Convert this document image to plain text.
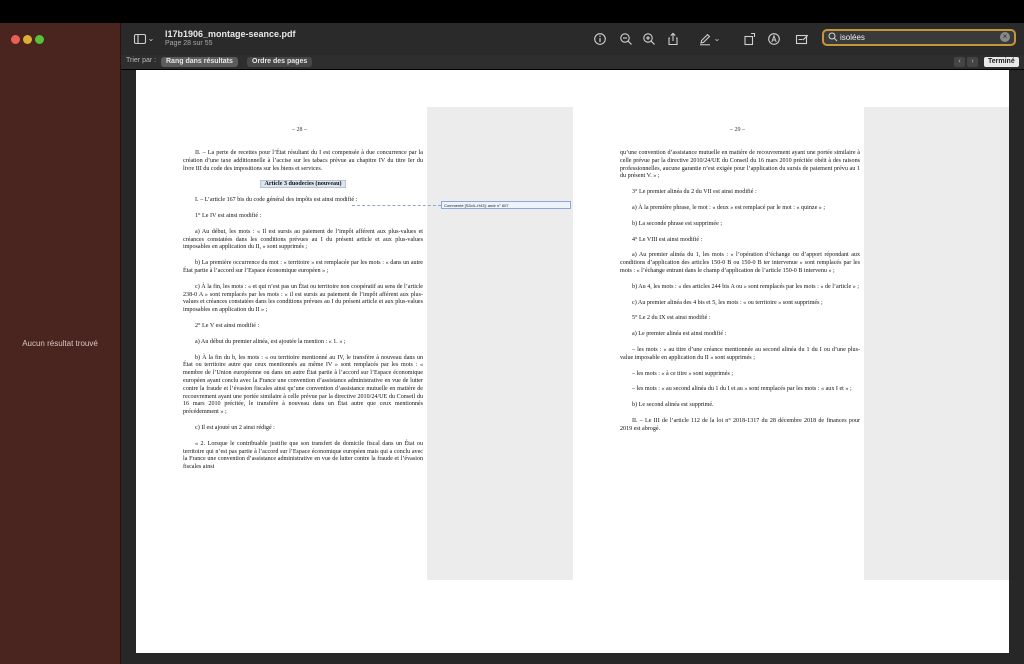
Aucun résultat trouvé
⌄ l17b1906_montage-seance.pdf
Page 28 sur 55
⌄
isolées	×
Trier par :	Rang dans résultats	Ordre des pages	‹	›	Terminé
– 28 –	– 29 –
Commenté [SDdL-H43]: andr n° 607

II. – La perte de recettes pour l’État résultant du I est compensée à due concurrence par la création d’une taxe additionnelle à l’accise sur les tabacs prévue au chapitre IV du titre Ier du livre III du code des impositions sur les biens et services.

Article 3 duodecies (nouveau)

I. – L’article 167 bis du code général des impôts est ainsi modifié :

1° Le IV est ainsi modifié :

a) Au début, les mots : « Il est sursis au paiement de l’impôt afférent aux plus-values et créances constatées dans les conditions prévues au I du présent article et aux plus-values imposables en application du II, » sont supprimés ;

b) La première occurrence du mot : « territoire » est remplacée par les mots : « dans un autre État partie à l’accord sur l’Espace économique européen » ;

c) À la fin, les mots : « et qui n’est pas un État ou territoire non coopératif au sens de l’article 238-0 A » sont remplacés par les mots : « il est sursis au paiement de l’impôt afférent aux plus-values et créances constatées dans les conditions prévues au I du présent article et aux plus-values imposables en application du II » ;

2° Le V est ainsi modifié :

a) Au début du premier alinéa, est ajoutée la mention : « 1. » ;

b) À la fin du b, les mots : « ou territoire mentionné au IV, le transfère à nouveau dans un État ou territoire autre que ceux mentionnés au même IV » sont remplacés par les mots : « membre de l’Union européenne ou dans un autre État partie à l’accord sur l’Espace économique européen ayant conclu avec la France une convention d’assistance administrative en vue de lutter contre la fraude et l’évasion fiscales ainsi qu’une convention d’assistance mutuelle en matière de recouvrement ayant une portée similaire à celle prévue par la directive 2010/24/UE du Conseil du 16 mars 2010 précitée, le transfère à nouveau dans un État autre que ceux mentionnés précédemment » ;

c) Il est ajouté un 2 ainsi rédigé :

« 2. Lorsque le contribuable justifie que son transfert de domicile fiscal dans un État ou territoire qui n’est pas partie à l’accord sur l’Espace économique européen mais qui a conclu avec la France une convention d’assistance administrative en vue de lutter contre la fraude et l’évasion fiscales ainsi

qu’une convention d’assistance mutuelle en matière de recouvrement ayant une portée similaire à celle prévue par la directive 2010/24/UE du Conseil du 16 mars 2010 précitée obéit à des raisons professionnelles, aucune garantie n’est exigée pour l’application du sursis de paiement prévu au 1 du présent V. » ;

3° Le premier alinéa du 2 du VII est ainsi modifié :

a) À la première phrase, le mot : « deux » est remplacé par le mot : « quinze » ;

b) La seconde phrase est supprimée ;

4° Le VIII est ainsi modifié :

a) Au premier alinéa du 1, les mots : « l’opération d’échange ou d’apport répondant aux conditions d’application des articles 150-0 B ou 150-0 B ter intervenue » sont remplacés par les mots : « l’échange entrant dans le champ d’application de l’article 150-0 B intervenu » ;

b) Au 4, les mots : « des articles 244 bis A ou » sont remplacés par les mots : « de l’article » ;

c) Au premier alinéa des 4 bis et 5, les mots : « ou territoire » sont supprimés ;

5° Le 2 du IX est ainsi modifié :

a) Le premier alinéa est ainsi modifié :

– les mots : « au titre d’une créance mentionnée au second alinéa du 1 du I ou d’une plus-value imposable en application du II » sont supprimés ;

– les mots : « à ce titre » sont supprimés ;

– les mots : « au second alinéa du 1 du I et au » sont remplacés par les mots : « aux I et » ;

b) Le second alinéa est supprimé.

II. – Le III de l’article 112 de la loi n° 2018-1317 du 28 décembre 2018 de finances pour 2019 est abrogé.
